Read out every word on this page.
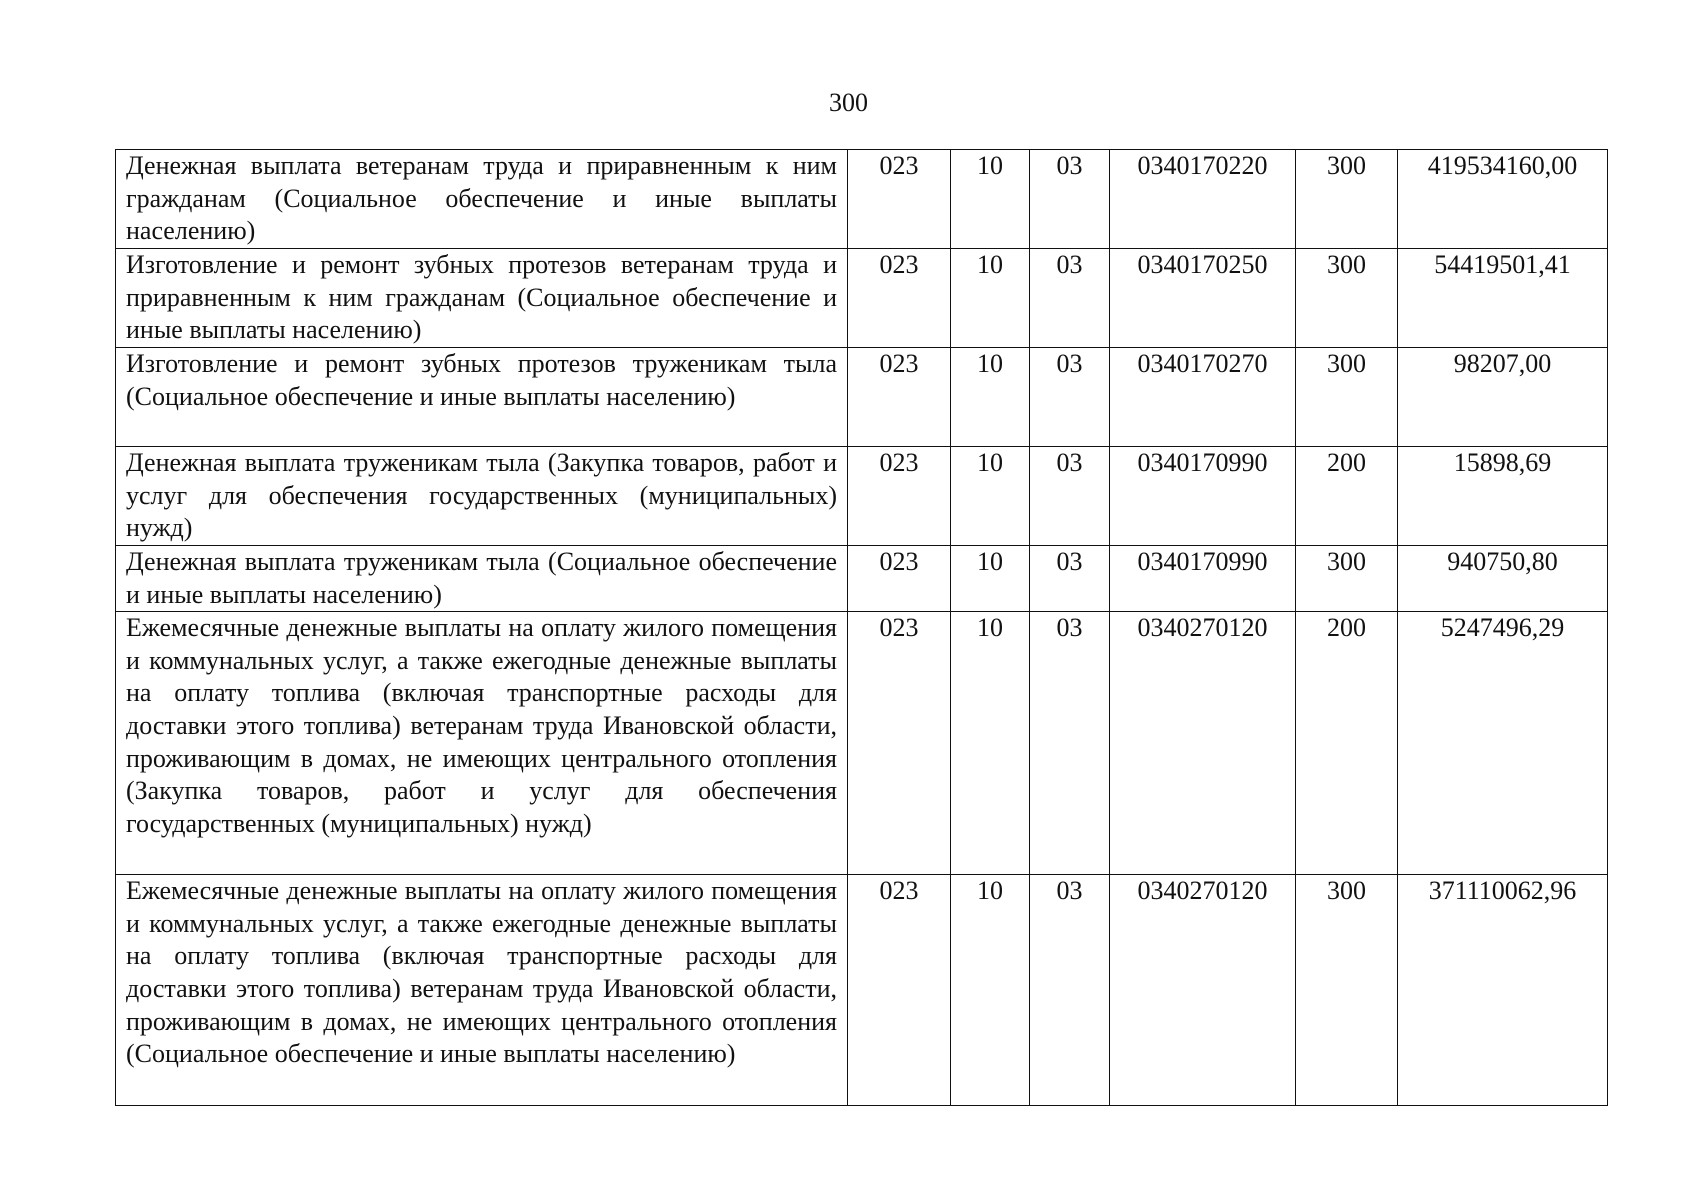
300
Денежная выплата ветеранам труда и приравненным к ним гражданам (Социальное обеспечение и иные выплаты населению)	023	10	03	0340170220	300	419534160,00
Изготовление и ремонт зубных протезов ветеранам труда и приравненным к ним гражданам (Социальное обеспечение и иные выплаты населению)	023	10	03	0340170250	300	54419501,41
Изготовление и ремонт зубных протезов труженикам тыла (Социальное обеспечение и иные выплаты населению)	023	10	03	0340170270	300	98207,00
Денежная выплата труженикам тыла (Закупка товаров, работ и услуг для обеспечения государственных (муниципальных) нужд)	023	10	03	0340170990	200	15898,69
Денежная выплата труженикам тыла (Социальное обеспечение и иные выплаты населению)	023	10	03	0340170990	300	940750,80
Ежемесячные денежные выплаты на оплату жилого помещения и коммунальных услуг, а также ежегодные денежные выплаты на оплату топлива (включая транспортные расходы для доставки этого топлива) ветеранам труда Ивановской области, проживающим в домах, не имеющих центрального отопления (Закупка товаров, работ и услуг для обеспечения государственных (муниципальных) нужд)	023	10	03	0340270120	200	5247496,29
Ежемесячные денежные выплаты на оплату жилого помещения и коммунальных услуг, а также ежегодные денежные выплаты на оплату топлива (включая транспортные расходы для доставки этого топлива) ветеранам труда Ивановской области, проживающим в домах, не имеющих центрального отопления (Социальное обеспечение и иные выплаты населению)	023	10	03	0340270120	300	371110062,96
